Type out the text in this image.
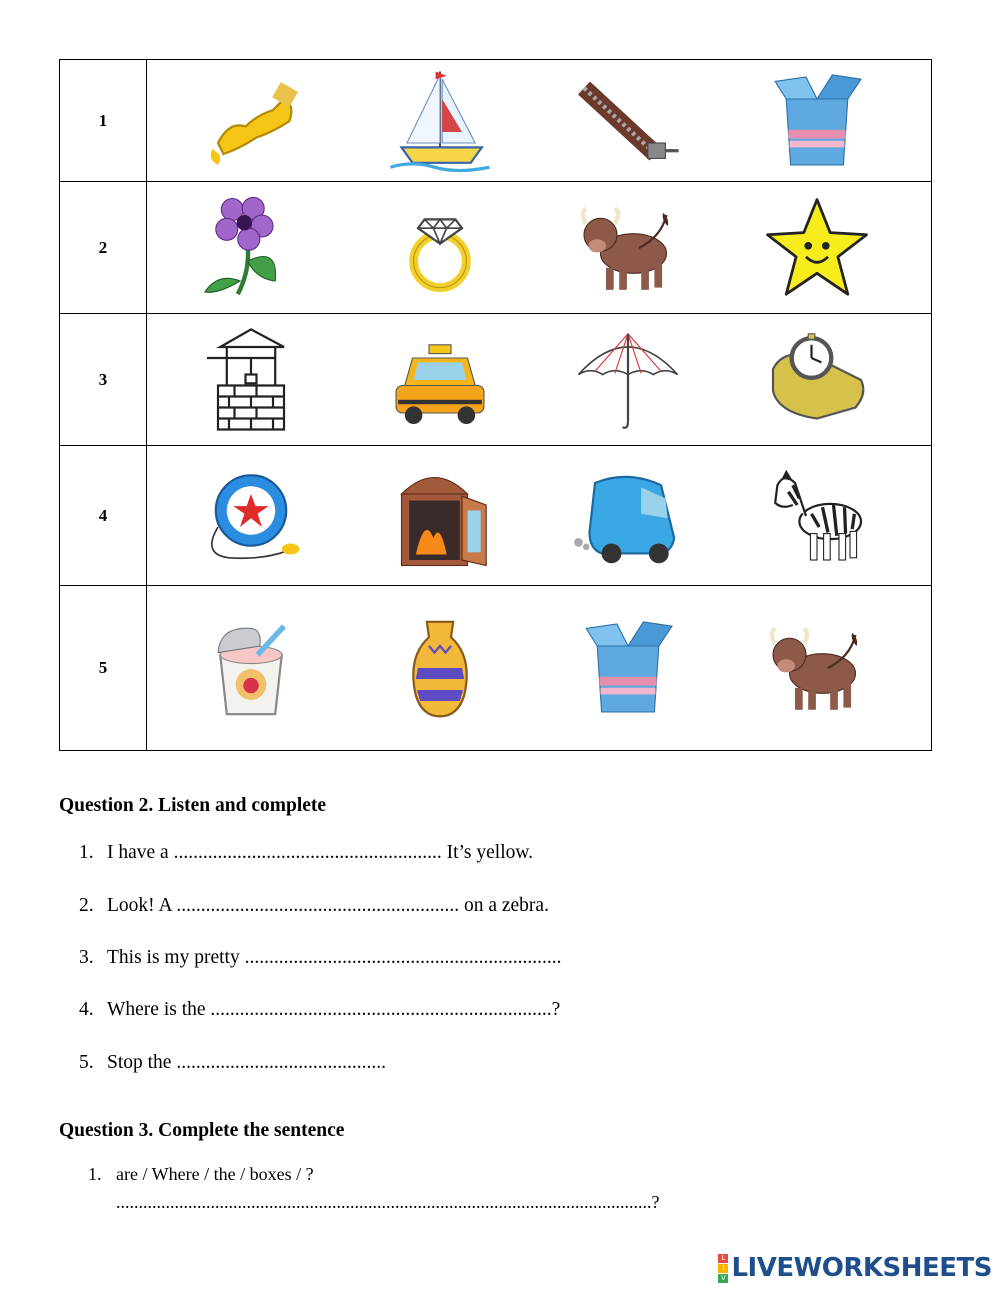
1	

2	

3	

4	

5	
Question 2. Listen and complete
1. I have a ....................................................... It’s yellow.
2. Look! A .......................................................... on a zebra.
3. This is my pretty .................................................................
4. Where is the ......................................................................?
5. Stop the ...........................................
Question 3. Complete the sentence
1. are / Where / the / boxes / ?
.......................................................................................................................?
L
I
V LIVEWORKSHEETS
